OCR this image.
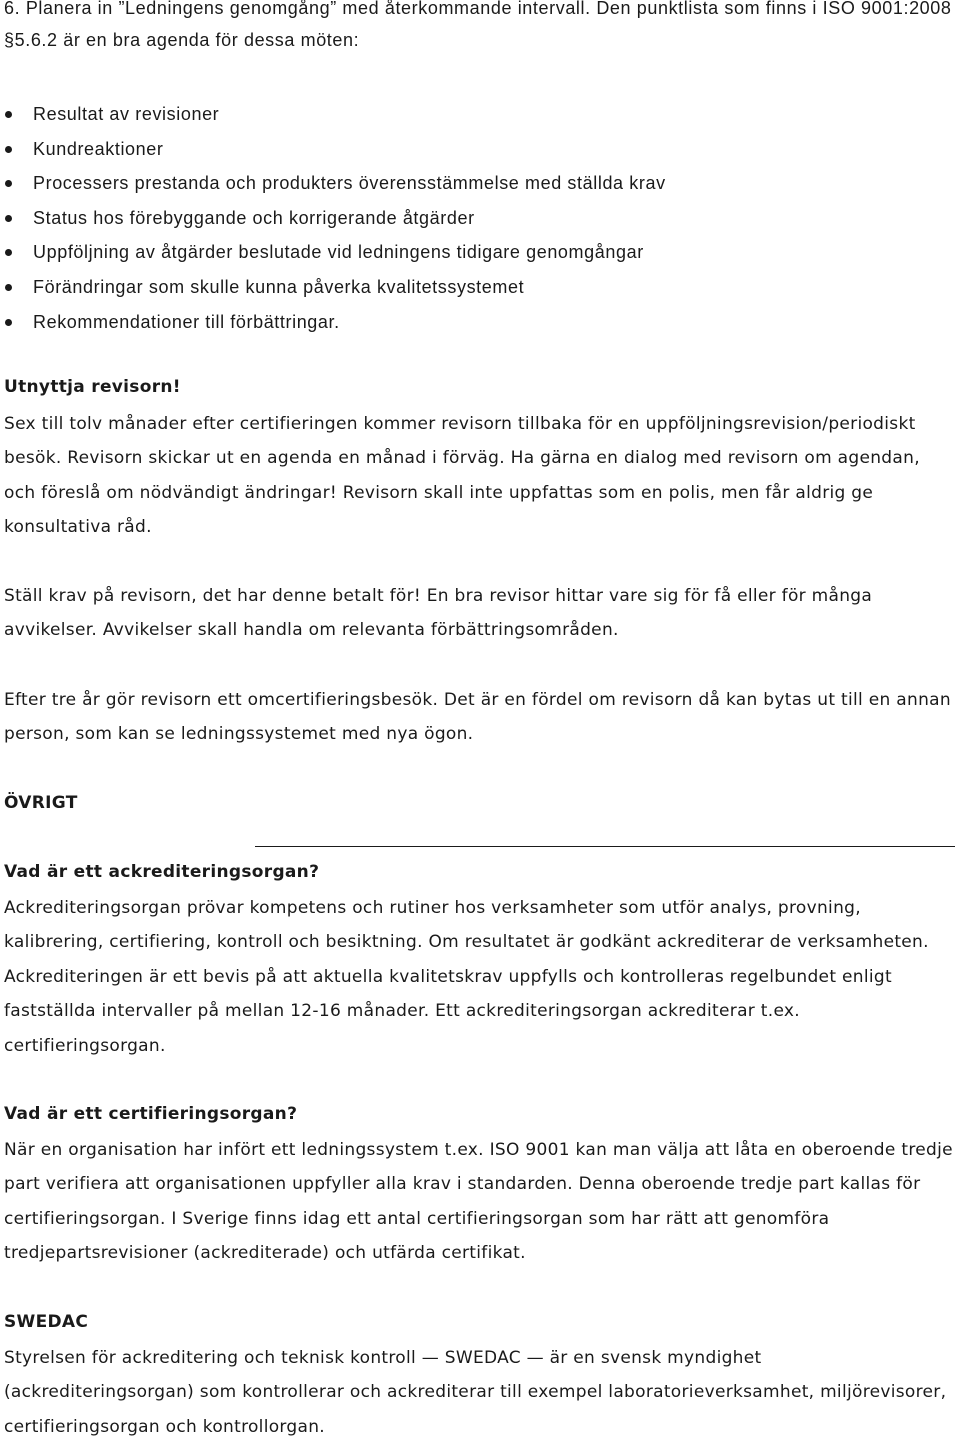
6. Planera in ”Ledningens genomgång” med återkommande intervall. Den punktlista som finns i ISO 9001:2008 §5.6.2 är en bra agenda för dessa möten:

Resultat av revisioner
Kundreaktioner
Processers prestanda och produkters överensstämmelse med ställda krav
Status hos förebyggande och korrigerande åtgärder
Uppföljning av åtgärder beslutade vid ledningens tidigare genomgångar
Förändringar som skulle kunna påverka kvalitetssystemet
Rekommendationer till förbättringar.
Utnyttja revisorn!

Sex till tolv månader efter certifieringen kommer revisorn tillbaka för en uppföljningsrevision/periodiskt besök. Revisorn skickar ut en agenda en månad i förväg. Ha gärna en dialog med revisorn om agendan, och föreslå om nödvändigt ändringar! Revisorn skall inte uppfattas som en polis, men får aldrig ge konsultativa råd.

Ställ krav på revisorn, det har denne betalt för! En bra revisor hittar vare sig för få eller för många avvikelser. Avvikelser skall handla om relevanta förbättringsområden.

Efter tre år gör revisorn ett omcertifieringsbesök. Det är en fördel om revisorn då kan bytas ut till en annan person, som kan se ledningssystemet med nya ögon.

ÖVRIGT
Vad är ett ackrediteringsorgan?

Ackrediteringsorgan prövar kompetens och rutiner hos verksamheter som utför analys, provning, kalibrering, certifiering, kontroll och besiktning. Om resultatet är godkänt ackrediterar de verksamheten. Ackrediteringen är ett bevis på att aktuella kvalitetskrav uppfylls och kontrolleras regelbundet enligt fastställda intervaller på mellan 12-16 månader. Ett ackrediteringsorgan ackrediterar t.ex. certifieringsorgan.

Vad är ett certifieringsorgan?

När en organisation har infört ett ledningssystem t.ex. ISO 9001 kan man välja att låta en oberoende tredje part verifiera att organisationen uppfyller alla krav i standarden. Denna oberoende tredje part kallas för certifieringsorgan. I Sverige finns idag ett antal certifieringsorgan som har rätt att genomföra tredjepartsrevisioner (ackrediterade) och utfärda certifikat.

SWEDAC

Styrelsen för ackreditering och teknisk kontroll — SWEDAC — är en svensk myndighet (ackrediteringsorgan) som kontrollerar och ackrediterar till exempel laboratorieverksamhet, miljörevisorer, certifieringsorgan och kontrollorgan.
